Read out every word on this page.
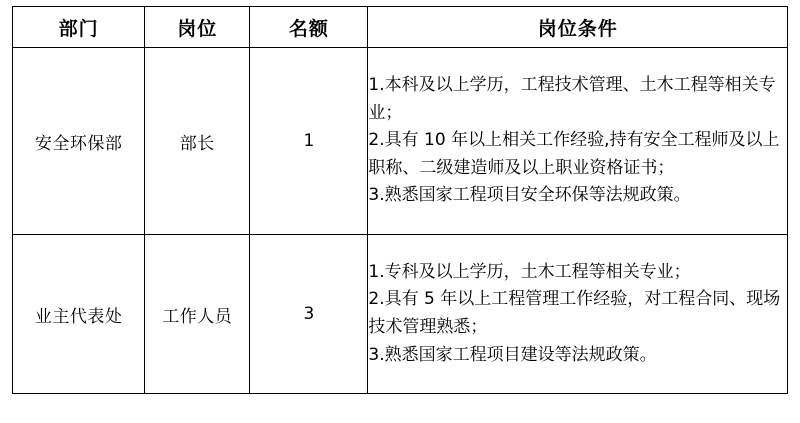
部门	岗位	名额	岗位条件
安全环保部	部长	1	1.本科及以上学历，工程技术管理、土木工程等相关专业；
2.具有 10 年以上相关工作经验,持有安全工程师及以上职称、二级建造师及以上职业资格证书；
3.熟悉国家工程项目安全环保等法规政策。

业主代表处	工作人员	3	1.专科及以上学历，土木工程等相关专业；
2.具有 5 年以上工程管理工作经验，对工程合同、现场技术管理熟悉；
3.熟悉国家工程项目建设等法规政策。
